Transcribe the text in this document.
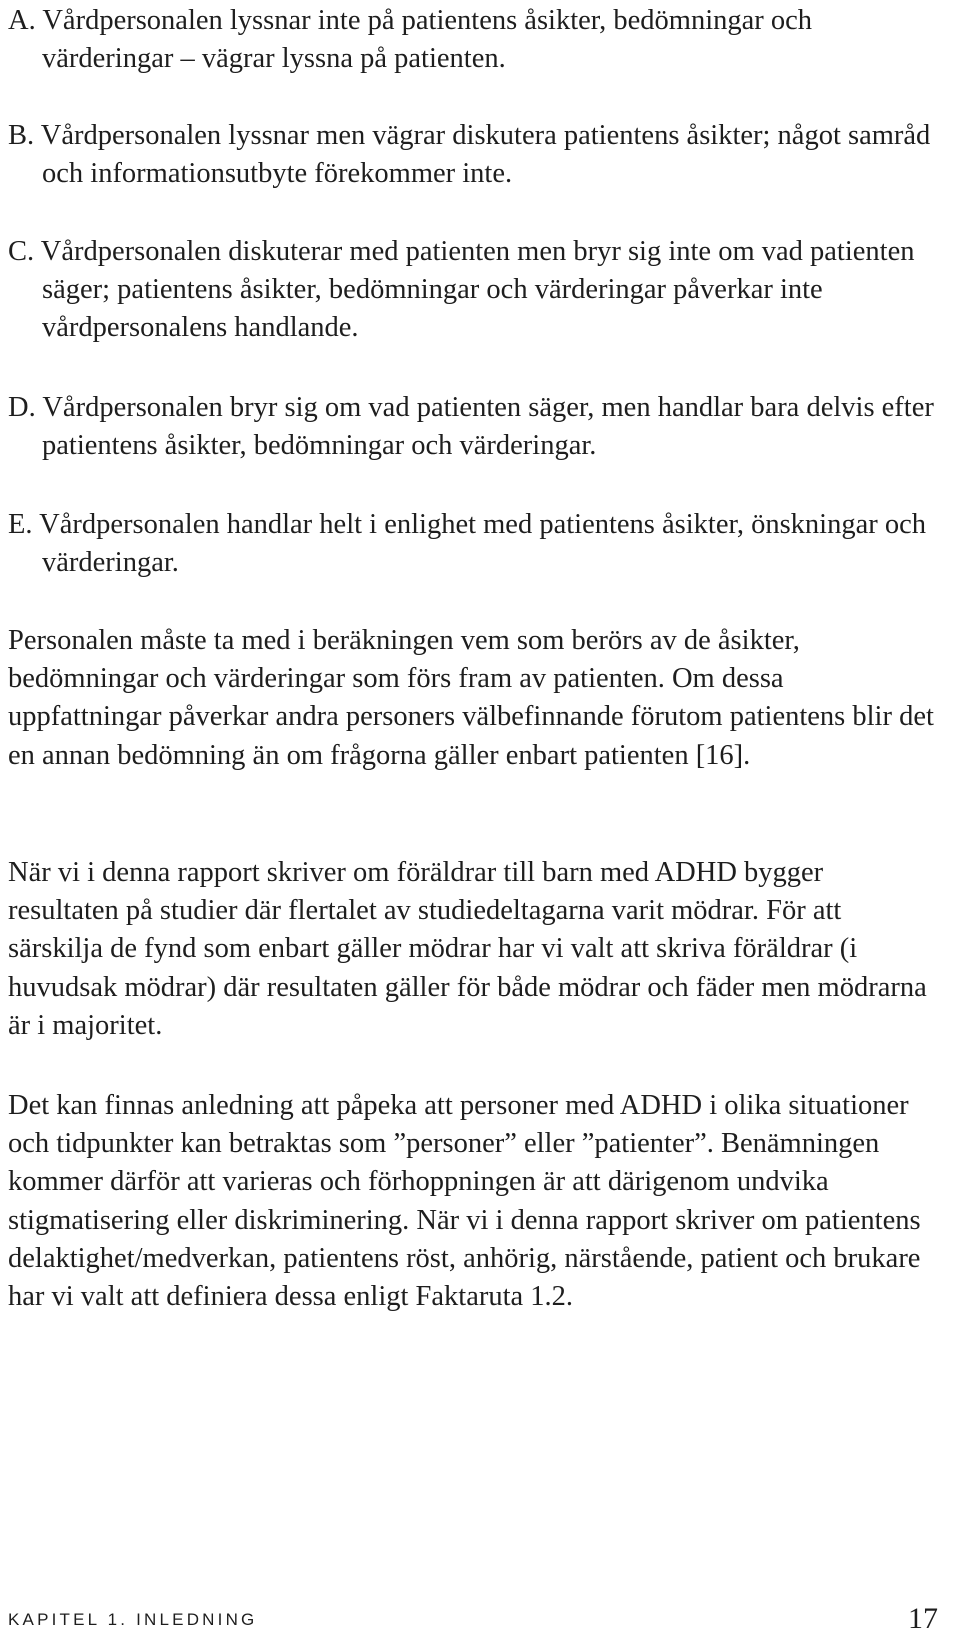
A. Vårdpersonalen lyssnar inte på patientens åsikter, bedömningar och värderingar – vägrar lyssna på patienten.
B. Vårdpersonalen lyssnar men vägrar diskutera patientens åsikter; något samråd och informationsutbyte förekommer inte.
C. Vårdpersonalen diskuterar med patienten men bryr sig inte om vad patienten säger; patientens åsikter, bedömningar och värderingar påverkar inte vårdpersonalens handlande.
D. Vårdpersonalen bryr sig om vad patienten säger, men handlar bara delvis efter patientens åsikter, bedömningar och värderingar.
E. Vårdpersonalen handlar helt i enlighet med patientens åsikter, önskningar och värderingar.

Personalen måste ta med i beräkningen vem som berörs av de åsikter, bedömningar och värderingar som förs fram av patienten. Om dessa uppfattningar påverkar andra personers välbefinnande förutom patientens blir det en annan bedömning än om frågorna gäller enbart patienten [16].

När vi i denna rapport skriver om föräldrar till barn med ADHD bygger resultaten på studier där flertalet av studiedeltagarna varit mödrar. För att särskilja de fynd som enbart gäller mödrar har vi valt att skriva föräldrar (i huvudsak mödrar) där resultaten gäller för både mödrar och fäder men mödrarna är i majoritet.

Det kan finnas anledning att påpeka att personer med ADHD i olika situationer och tidpunkter kan betraktas som ”personer” eller ”patienter”. Benämningen kommer därför att varieras och förhoppningen är att därigenom undvika stigmatisering eller diskriminering. När vi i denna rapport skriver om patientens delaktighet/medverkan, patientens röst, anhörig, närstående, patient och brukare har vi valt att definiera dessa enligt Faktaruta 1.2.

KAPITEL 1. INLEDNING	17
